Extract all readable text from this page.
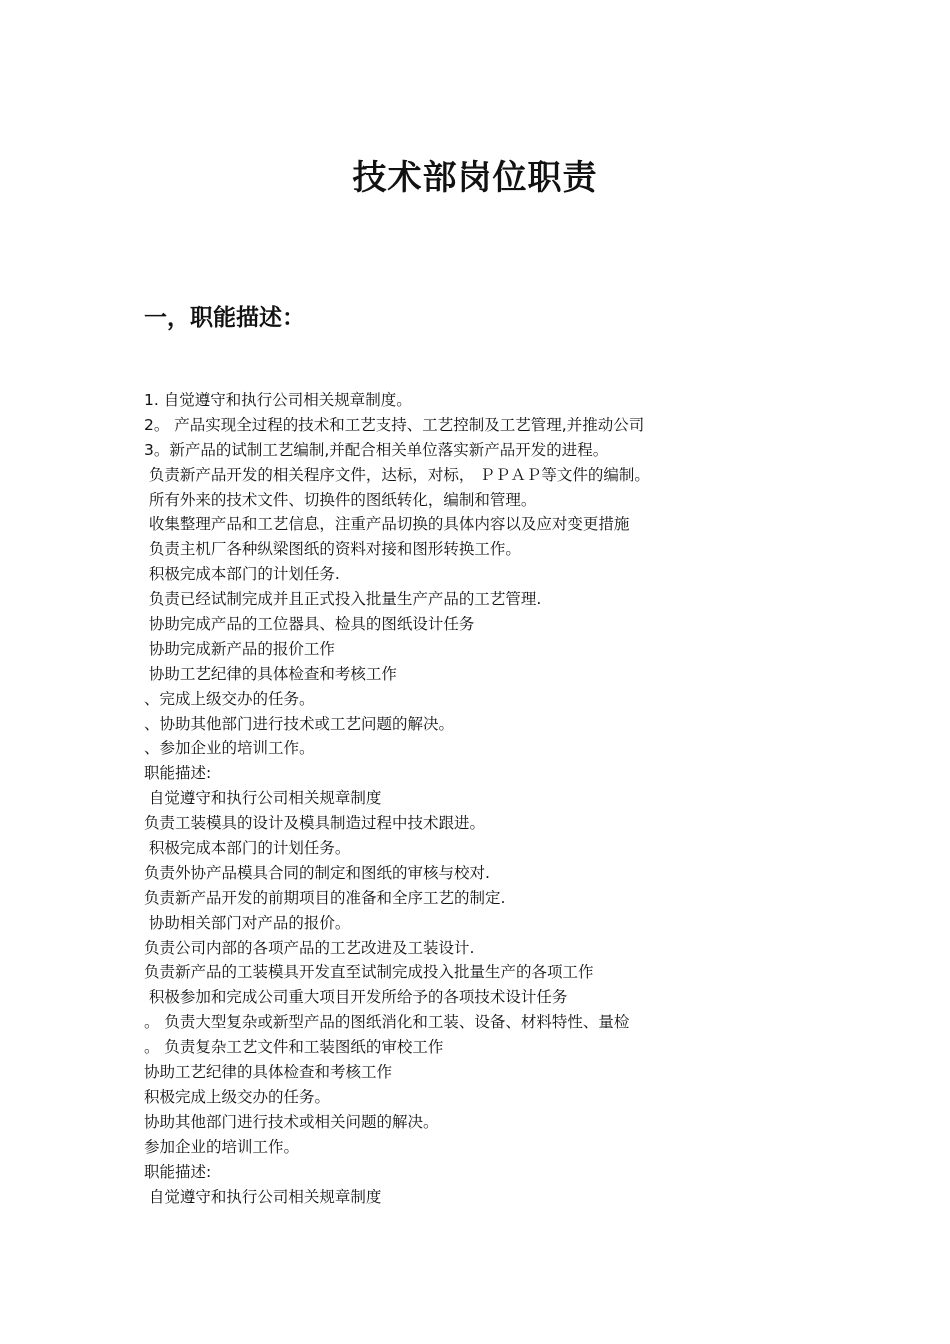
技术部岗位职责
一，职能描述：
1. 自觉遵守和执行公司相关规章制度。
2。 产品实现全过程的技术和工艺支持、工艺控制及工艺管理,并推动公司
3。新产品的试制工艺编制,并配合相关单位落实新产品开发的进程。
负责新产品开发的相关程序文件，达标，对标， ＰＰＡＰ等文件的编制。
所有外来的技术文件、切换件的图纸转化，编制和管理。
收集整理产品和工艺信息，注重产品切换的具体内容以及应对变更措施
负责主机厂各种纵梁图纸的资料对接和图形转换工作。
积极完成本部门的计划任务.
负责已经试制完成并且正式投入批量生产产品的工艺管理.
协助完成产品的工位器具、检具的图纸设计任务
协助完成新产品的报价工作
协助工艺纪律的具体检查和考核工作
、完成上级交办的任务。
、协助其他部门进行技术或工艺问题的解决。
、参加企业的培训工作。
职能描述:
自觉遵守和执行公司相关规章制度
负责工装模具的设计及模具制造过程中技术跟进。
积极完成本部门的计划任务。
负责外协产品模具合同的制定和图纸的审核与校对.
负责新产品开发的前期项目的准备和全序工艺的制定.
协助相关部门对产品的报价。
负责公司内部的各项产品的工艺改进及工装设计.
负责新产品的工装模具开发直至试制完成投入批量生产的各项工作
积极参加和完成公司重大项目开发所给予的各项技术设计任务
。 负责大型复杂或新型产品的图纸消化和工装、设备、材料特性、量检
。 负责复杂工艺文件和工装图纸的审校工作
协助工艺纪律的具体检查和考核工作
积极完成上级交办的任务。
协助其他部门进行技术或相关问题的解决。
参加企业的培训工作。
职能描述:
自觉遵守和执行公司相关规章制度
